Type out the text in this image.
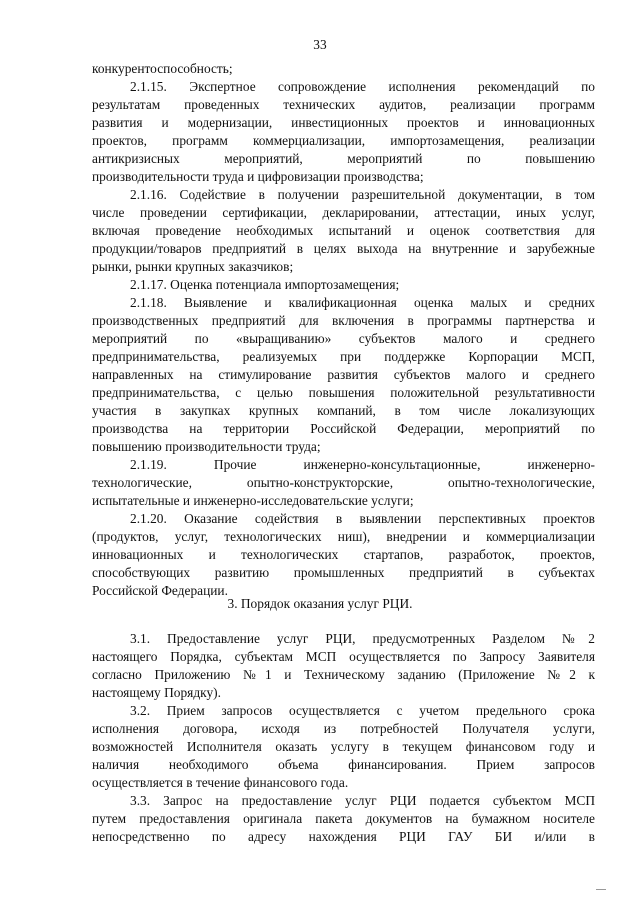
33
конкурентоспособность;
2.1.15. Экспертное сопровождение исполнения рекомендаций по
результатам проведенных технических аудитов, реализации программ
развития и модернизации, инвестиционных проектов и инновационных
проектов, программ коммерциализации, импортозамещения, реализации
антикризисных мероприятий, мероприятий по повышению
производительности труда и цифровизации производства;
2.1.16. Содействие в получении разрешительной документации, в том
числе проведении сертификации, декларировании, аттестации, иных услуг,
включая проведение необходимых испытаний и оценок соответствия для
продукции/товаров предприятий в целях выхода на внутренние и зарубежные
рынки, рынки крупных заказчиков;
2.1.17. Оценка потенциала импортозамещения;
2.1.18. Выявление и квалификационная оценка малых и средних
производственных предприятий для включения в программы партнерства и
мероприятий по «выращиванию» субъектов малого и среднего
предпринимательства, реализуемых при поддержке Корпорации МСП,
направленных на стимулирование развития субъектов малого и среднего
предпринимательства, с целью повышения положительной результативности
участия в закупках крупных компаний, в том числе локализующих
производства на территории Российской Федерации, мероприятий по
повышению производительности труда;
2.1.19. Прочие инженерно-консультационные, инженерно-
технологические, опытно-конструкторские, опытно-технологические,
испытательные и инженерно-исследовательские услуги;
2.1.20. Оказание содействия в выявлении перспективных проектов
(продуктов, услуг, технологических ниш), внедрении и коммерциализации
инновационных и технологических стартапов, разработок, проектов,
способствующих развитию промышленных предприятий в субъектах
Российской Федерации.
3. Порядок оказания услуг РЦИ.
3.1. Предоставление услуг РЦИ, предусмотренных Разделом №2
настоящего Порядка, субъектам МСП осуществляется по Запросу Заявителя
согласно Приложению №1 и Техническому заданию (Приложение №2 к
настоящему Порядку).
3.2. Прием запросов осуществляется с учетом предельного срока
исполнения договора, исходя из потребностей Получателя услуги,
возможностей Исполнителя оказать услугу в текущем финансовом году и
наличия необходимого объема финансирования. Прием запросов
осуществляется в течение финансового года.
3.3. Запрос на предоставление услуг РЦИ подается субъектом МСП
путем предоставления оригинала пакета документов на бумажном носителе
непосредственно по адресу нахождения РЦИ ГАУ БИ и/или в
